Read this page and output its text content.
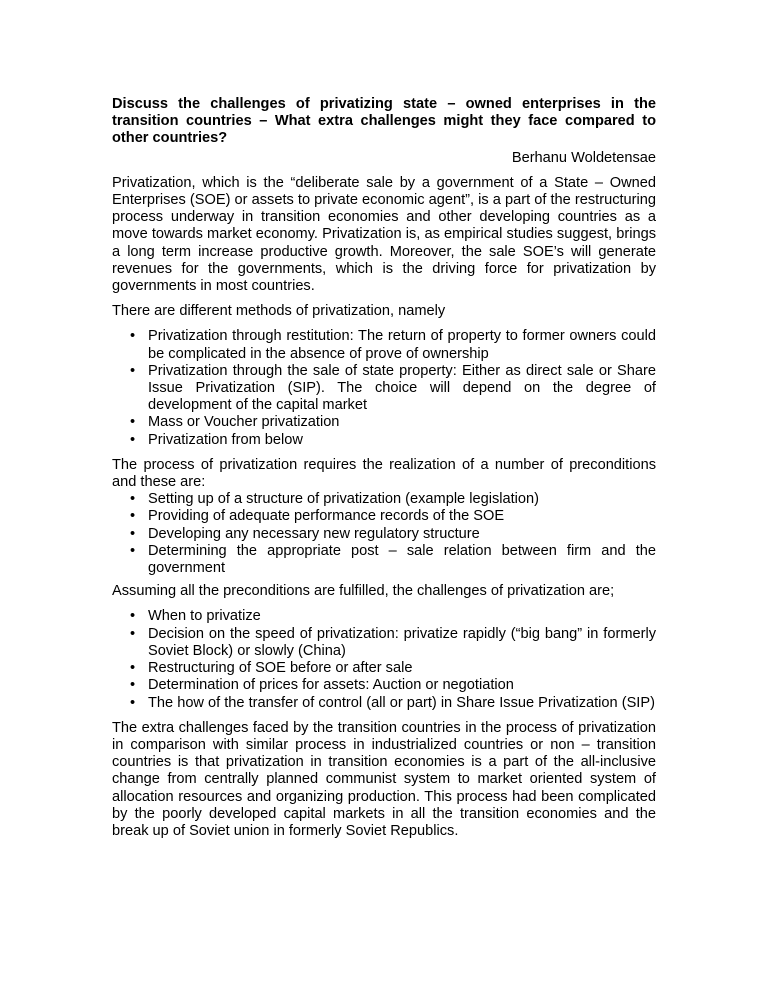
Discuss the challenges of privatizing state – owned enterprises in the transition countries – What extra challenges might they face compared to other countries?
Berhanu Woldetensae

Privatization, which is the “deliberate sale by a government of a State – Owned Enterprises (SOE) or assets to private economic agent”, is a part of the restructuring process underway in transition economies and other developing countries as a move towards market economy. Privatization is, as empirical studies suggest, brings a long term increase productive growth. Moreover, the sale SOE’s will generate revenues for the governments, which is the driving force for privatization by governments in most countries.

There are different methods of privatization, namely

• Privatization through restitution: The return of property to former owners could be complicated in the absence of prove of ownership
• Privatization through the sale of state property: Either as direct sale or Share Issue Privatization (SIP). The choice will depend on the degree of development of the capital market
• Mass or Voucher privatization
• Privatization from below

The process of privatization requires the realization of a number of preconditions and these are:

• Setting up of a structure of privatization (example legislation)
• Providing of adequate performance records of the SOE
• Developing any necessary new regulatory structure
• Determining the appropriate post – sale relation between firm and the government

Assuming all the preconditions are fulfilled, the challenges of privatization are;

• When to privatize
• Decision on the speed of privatization: privatize rapidly (“big bang” in formerly Soviet Block) or slowly (China)
• Restructuring of SOE before or after sale
• Determination of prices for assets: Auction or negotiation
• The how of the transfer of control (all or part) in Share Issue Privatization (SIP)

The extra challenges faced by the transition countries in the process of privatization in comparison with similar process in industrialized countries or non – transition countries is that privatization in transition economies is a part of the all-inclusive change from centrally planned communist system to market oriented system of allocation resources and organizing production. This process had been complicated by the poorly developed capital markets in all the transition economies and the break up of Soviet union in formerly Soviet Republics.
